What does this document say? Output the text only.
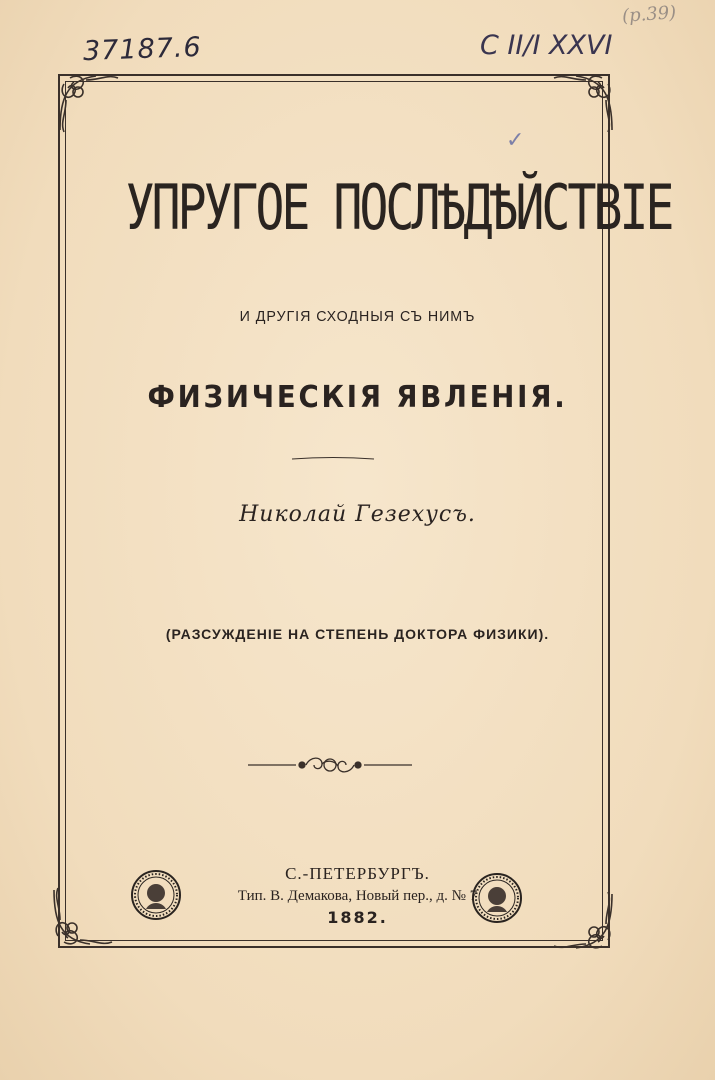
37187.6	C II/I XXVI
(p.39)
✓
УПРУГОЕ ПОСЛѢДѢЙСТВІЕ
И ДРУГІЯ СХОДНЫЯ СЪ НИМЪ
ФИЗИЧЕСКІЯ ЯВЛЕНІЯ.
Николай Гезехусъ.
(РАЗСУЖДЕНІЕ НА СТЕПЕНЬ ДОКТОРА ФИЗИКИ).
С.-ПЕТЕРБУРГЪ.
Тип. В. Демакова, Новый пер., д. № 7
1882.
